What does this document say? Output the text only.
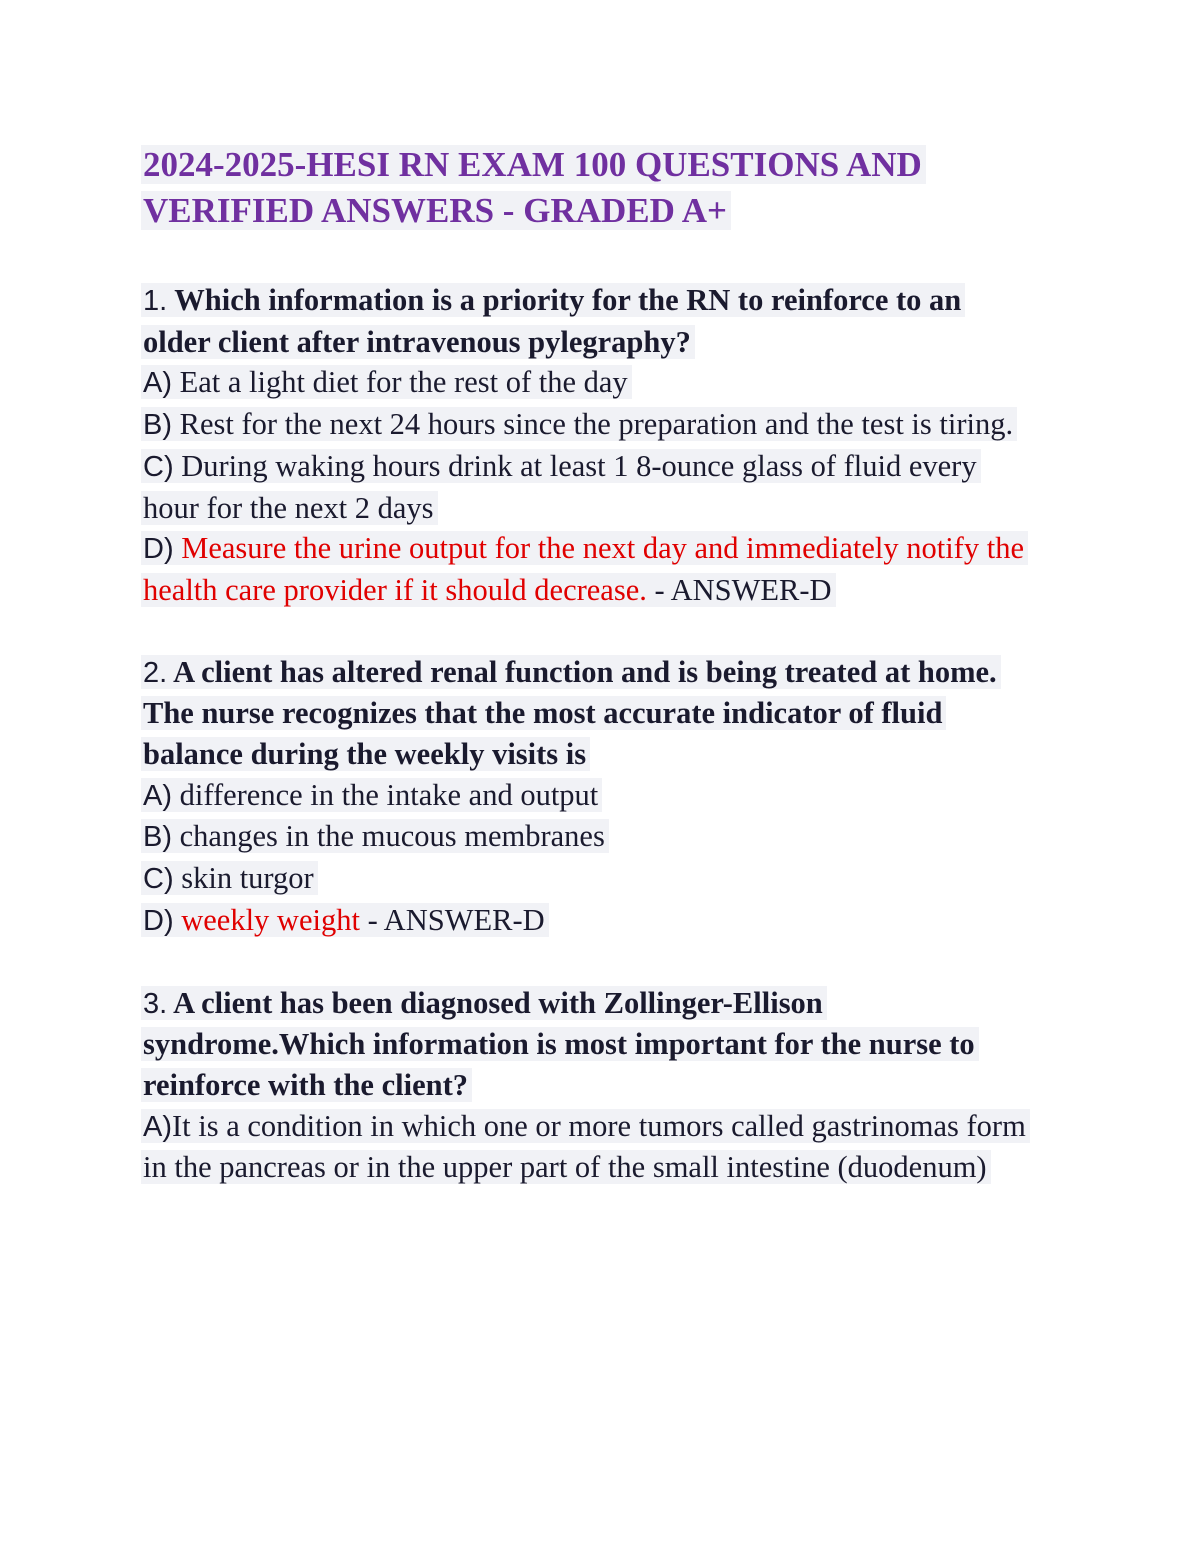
2024-2025-HESI RN EXAM 100 QUESTIONS AND VERIFIED ANSWERS - GRADED A+
1. Which information is a priority for the RN to reinforce to an older client after intravenous pylegraphy?
A) Eat a light diet for the rest of the day
B) Rest for the next 24 hours since the preparation and the test is tiring.
C) During waking hours drink at least 1 8-ounce glass of fluid every hour for the next 2 days
D) Measure the urine output for the next day and immediately notify the health care provider if it should decrease. - ANSWER-D
2. A client has altered renal function and is being treated at home. The nurse recognizes that the most accurate indicator of fluid balance during the weekly visits is
A) difference in the intake and output
B) changes in the mucous membranes
C) skin turgor
D) weekly weight - ANSWER-D
3. A client has been diagnosed with Zollinger-Ellison syndrome.Which information is most important for the nurse to reinforce with the client?
A)It is a condition in which one or more tumors called gastrinomas form in the pancreas or in the upper part of the small intestine (duodenum)
